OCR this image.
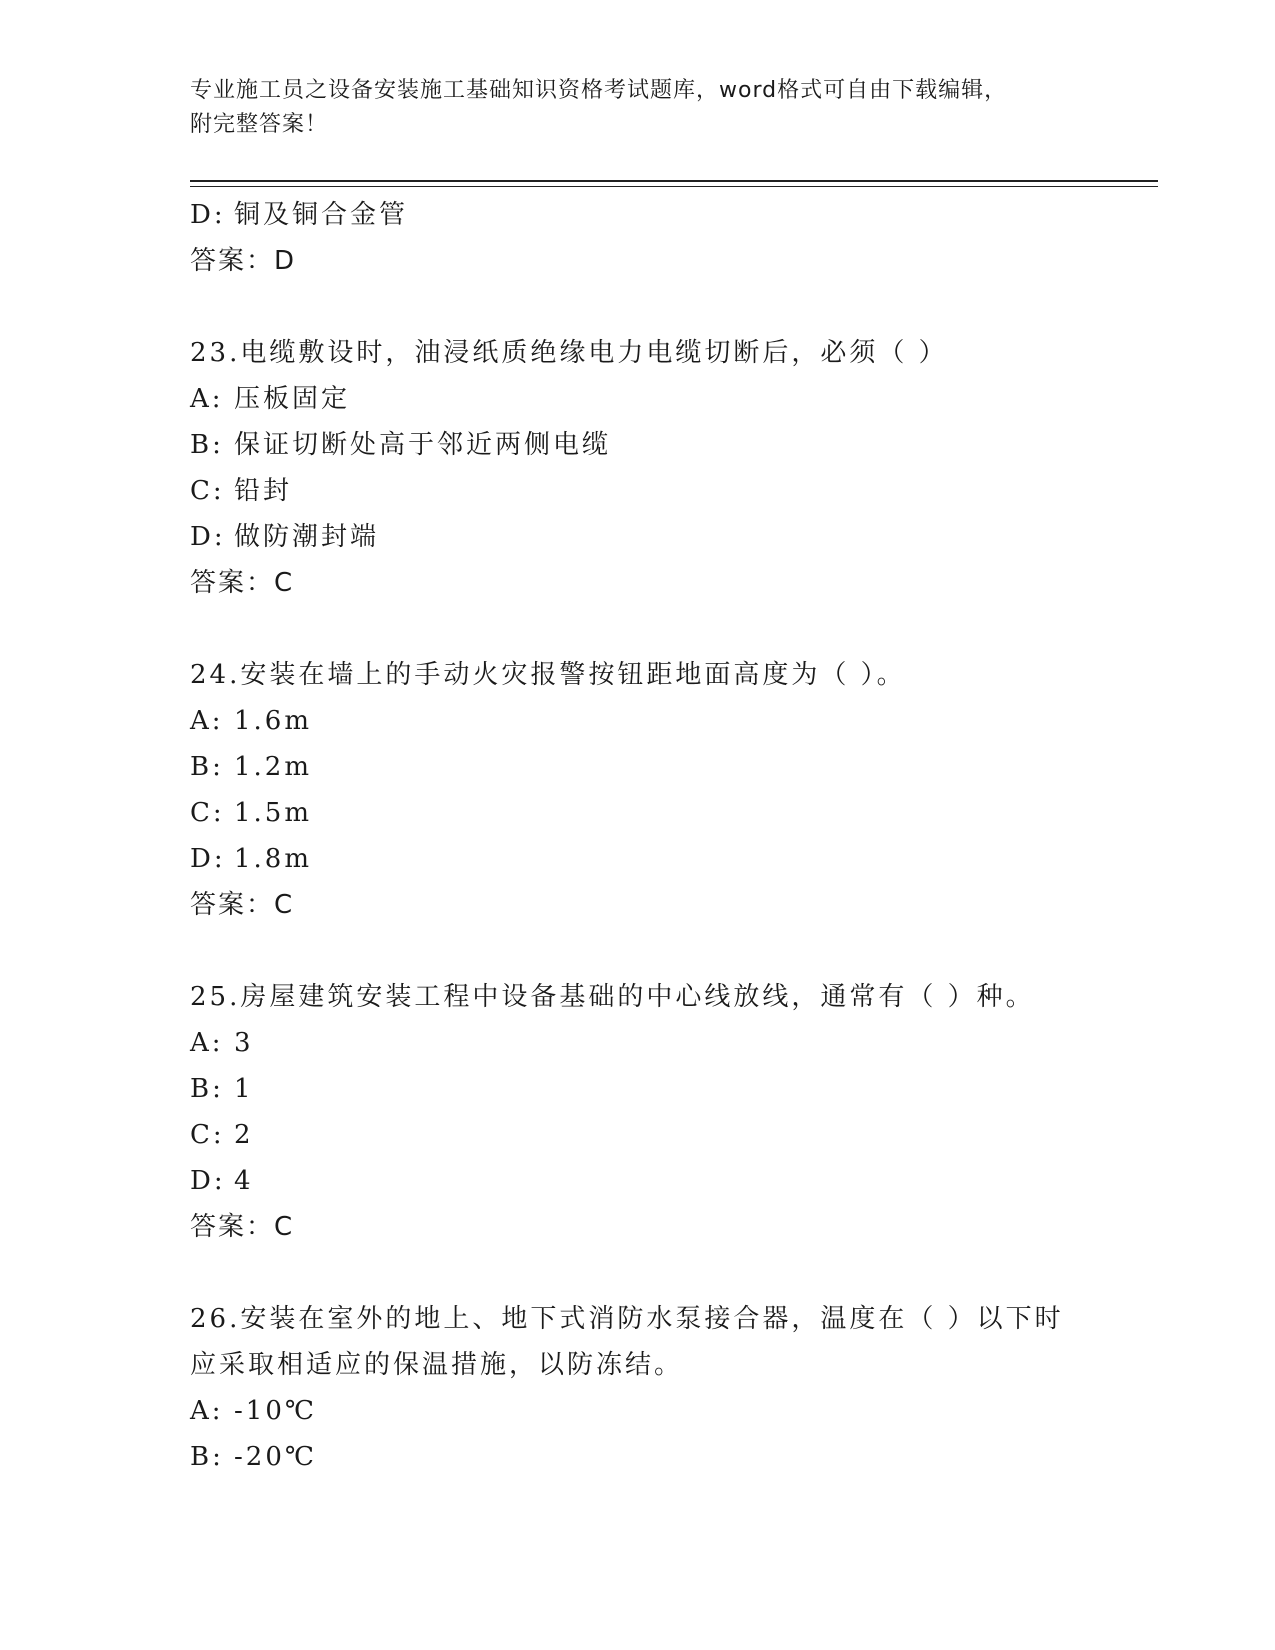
专业施工员之设备安装施工基础知识资格考试题库，word格式可自由下载编辑，
附完整答案！
D: 铜及铜合金管
答案：D
23.电缆敷设时，油浸纸质绝缘电力电缆切断后，必须（ ）
A: 压板固定
B: 保证切断处高于邻近两侧电缆
C: 铅封
D: 做防潮封端
答案：C
24.安装在墙上的手动火灾报警按钮距地面高度为（ ）。
A: 1.6m
B: 1.2m
C: 1.5m
D: 1.8m
答案：C
25.房屋建筑安装工程中设备基础的中心线放线，通常有（ ）种。
A: 3
B: 1
C: 2
D: 4
答案：C
26.安装在室外的地上、地下式消防水泵接合器，温度在（ ）以下时
应采取相适应的保温措施，以防冻结。
A: -10℃
B: -20℃
